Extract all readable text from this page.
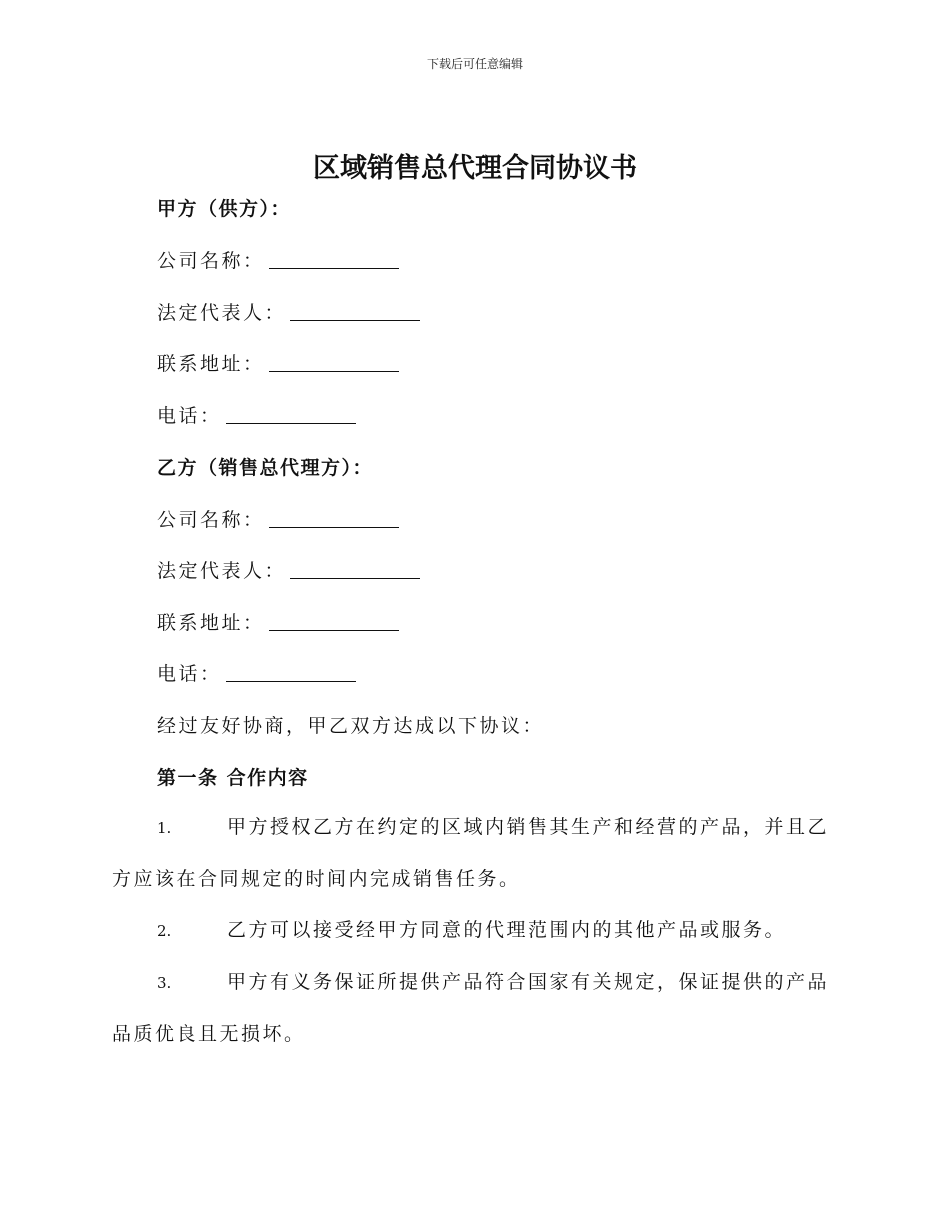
下载后可任意编辑
区域销售总代理合同协议书
甲方（供方）：
公司名称：
法定代表人：
联系地址：
电话：
乙方（销售总代理方）：
公司名称：
法定代表人：
联系地址：
电话：
经过友好协商，甲乙双方达成以下协议：
第一条 合作内容
1.	甲方授权乙方在约定的区域内销售其生产和经营的产品，并且乙方应该在合同规定的时间内完成销售任务。
2.	乙方可以接受经甲方同意的代理范围内的其他产品或服务。
3.	甲方有义务保证所提供产品符合国家有关规定，保证提供的产品品质优良且无损坏。
